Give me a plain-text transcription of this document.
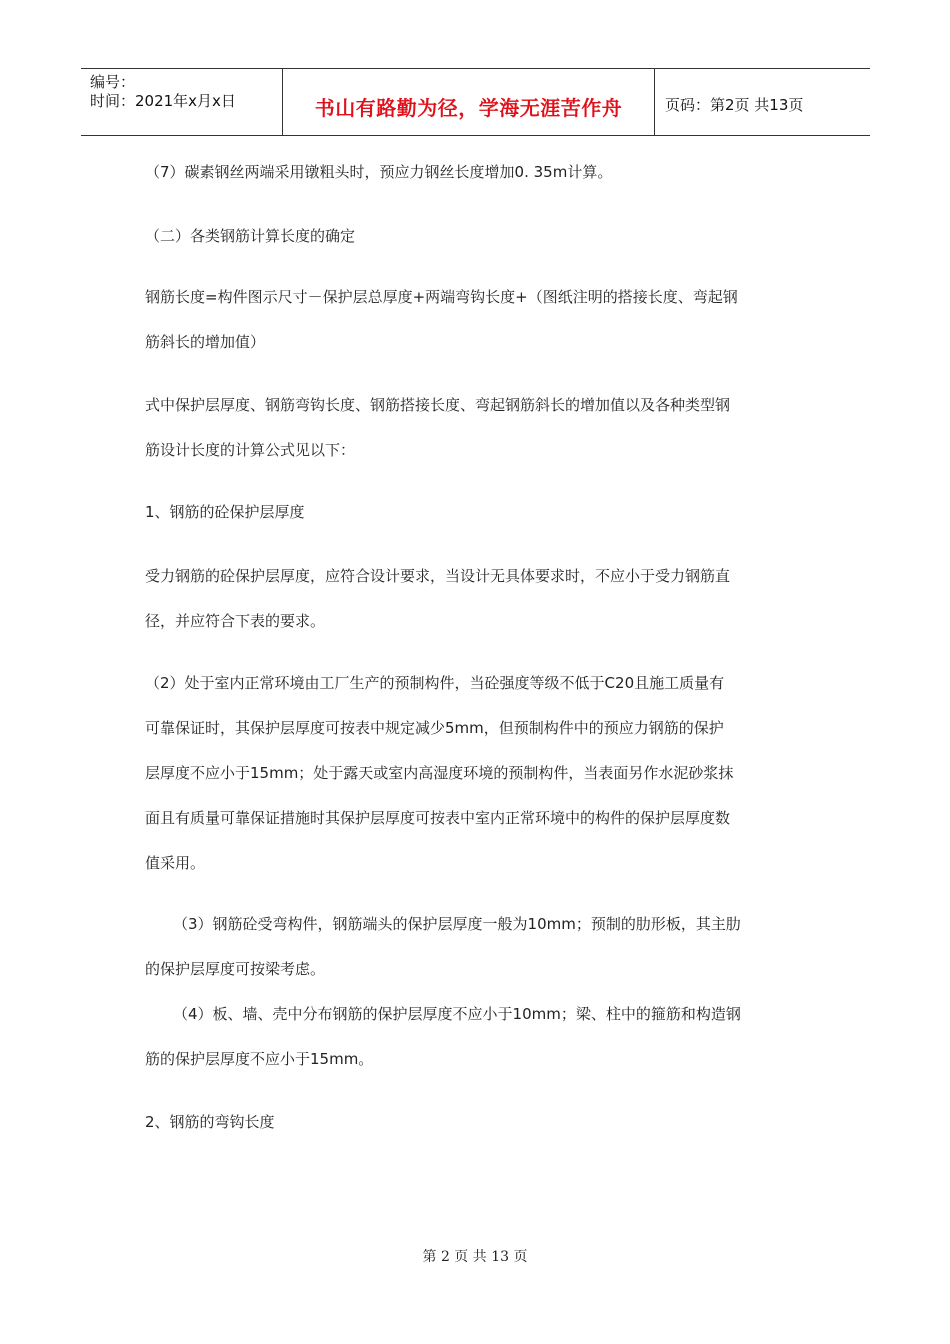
编号：
时间：2021年x月x日	书山有路勤为径，学海无涯苦作舟	页码：第2页 共13页
（7）碳素钢丝两端采用镦粗头时，预应力钢丝长度增加0. 35m计算。
（二）各类钢筋计算长度的确定
钢筋长度=构件图示尺寸－保护层总厚度+两端弯钩长度+（图纸注明的搭接长度、弯起钢
筋斜长的增加值）
式中保护层厚度、钢筋弯钩长度、钢筋搭接长度、弯起钢筋斜长的增加值以及各种类型钢
筋设计长度的计算公式见以下：
1、钢筋的砼保护层厚度
受力钢筋的砼保护层厚度，应符合设计要求，当设计无具体要求时，不应小于受力钢筋直
径，并应符合下表的要求。
（2）处于室内正常环境由工厂生产的预制构件，当砼强度等级不低于C20且施工质量有
可靠保证时，其保护层厚度可按表中规定减少5mm，但预制构件中的预应力钢筋的保护
层厚度不应小于15mm；处于露天或室内高湿度环境的预制构件，当表面另作水泥砂浆抹
面且有质量可靠保证措施时其保护层厚度可按表中室内正常环境中的构件的保护层厚度数
值采用。
（3）钢筋砼受弯构件，钢筋端头的保护层厚度一般为10mm；预制的肋形板，其主肋
的保护层厚度可按梁考虑。
（4）板、墙、壳中分布钢筋的保护层厚度不应小于10mm；梁、柱中的箍筋和构造钢
筋的保护层厚度不应小于15mm。
2、钢筋的弯钩长度
第 2 页 共 13 页
